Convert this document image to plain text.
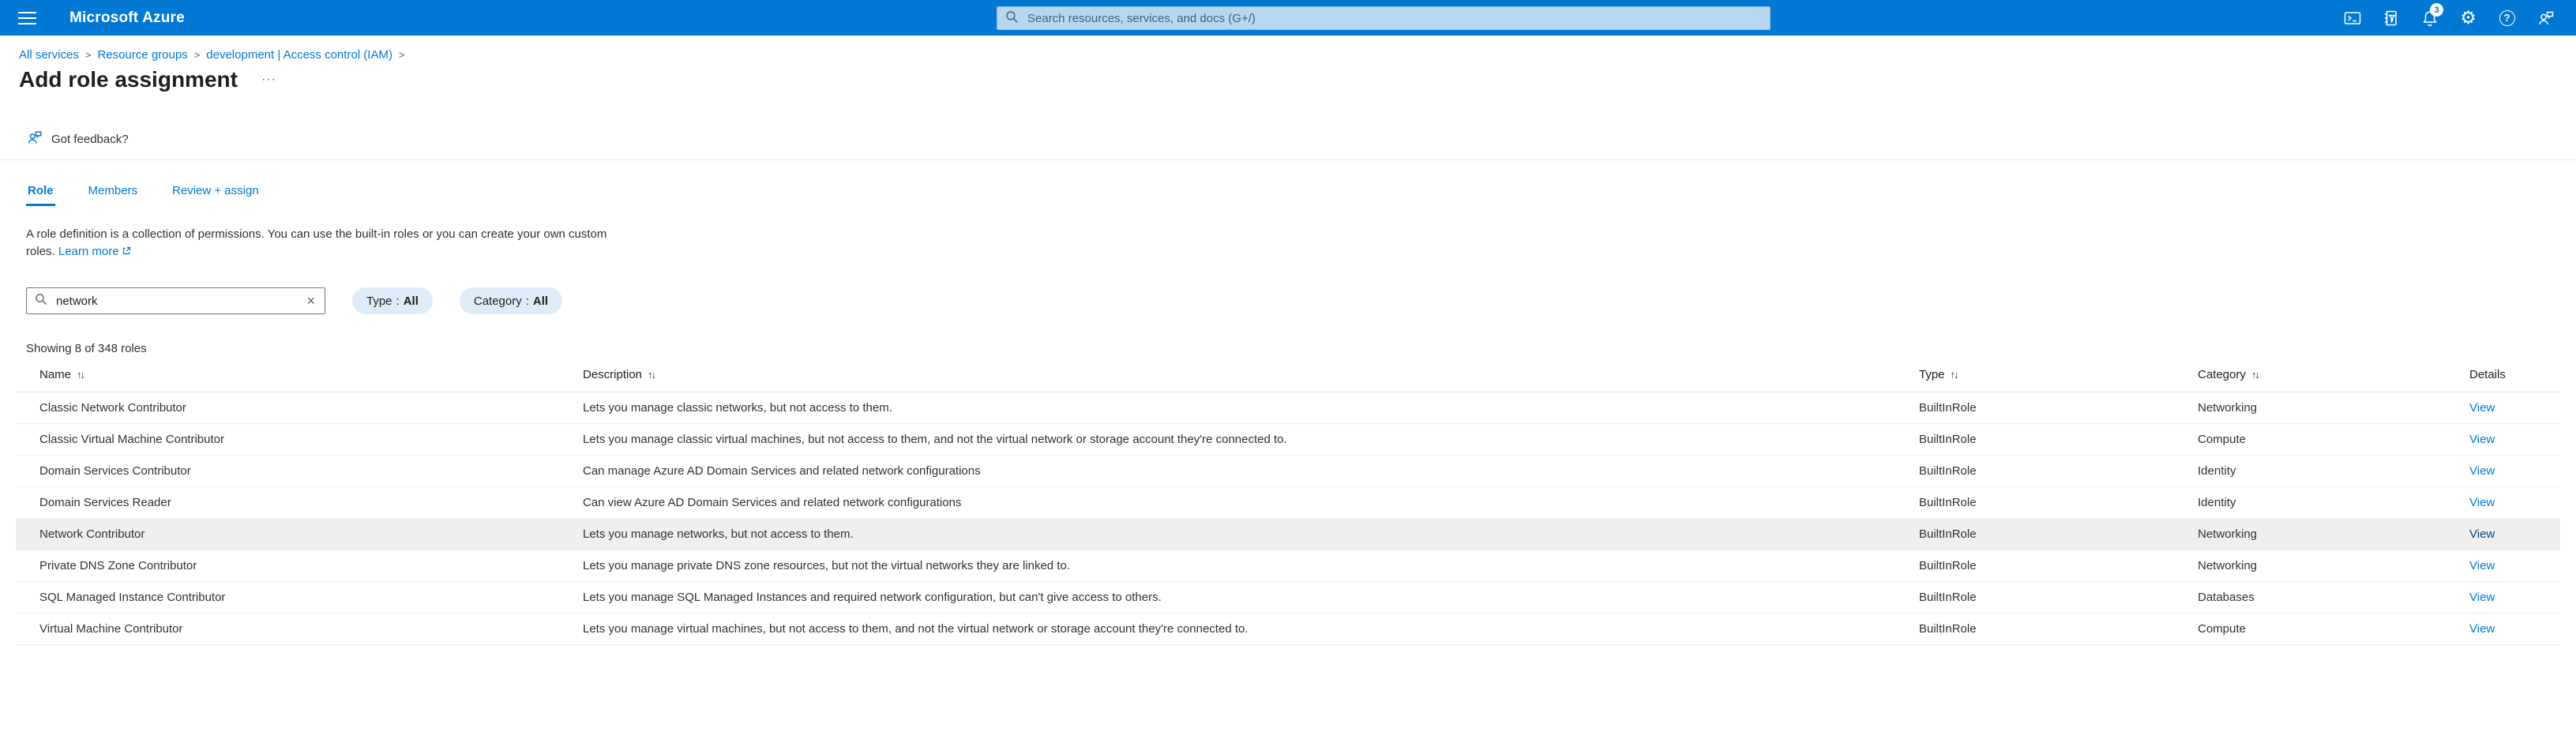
Microsoft Azure
Search resources, services, and docs (G+/)	3 ⚙	?
All services > Resource groups > development | Access control (IAM) >
Add role assignment ···
Got feedback?
Role	Members	Review + assign

A role definition is a collection of permissions. You can use the built-in roles or you can create your own custom roles. Learn more

network
×	Type : All	Category : All
Showing 8 of 348 roles
Name ↑↓	Description ↑↓	Type ↑↓	Category ↑↓	Details
Classic Network Contributor	Lets you manage classic networks, but not access to them.	BuiltInRole	Networking	View
Classic Virtual Machine Contributor	Lets you manage classic virtual machines, but not access to them, and not the virtual network or storage account they're connected to.	BuiltInRole	Compute	View
Domain Services Contributor	Can manage Azure AD Domain Services and related network configurations	BuiltInRole	Identity	View
Domain Services Reader	Can view Azure AD Domain Services and related network configurations	BuiltInRole	Identity	View
Network Contributor	Lets you manage networks, but not access to them.	BuiltInRole	Networking	View
Private DNS Zone Contributor	Lets you manage private DNS zone resources, but not the virtual networks they are linked to.	BuiltInRole	Networking	View
SQL Managed Instance Contributor	Lets you manage SQL Managed Instances and required network configuration, but can't give access to others.	BuiltInRole	Databases	View
Virtual Machine Contributor	Lets you manage virtual machines, but not access to them, and not the virtual network or storage account they're connected to.	BuiltInRole	Compute	View
